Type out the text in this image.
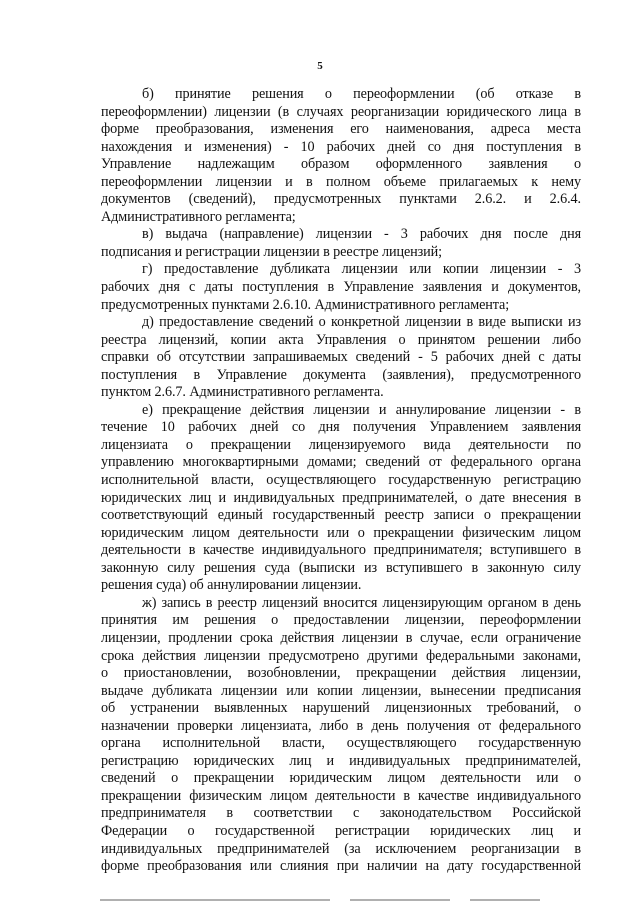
5
б) принятие решения о переоформлении (об отказе в
переоформлении) лицензии (в случаях реорганизации юридического лица в
форме преобразования, изменения его наименования, адреса места
нахождения и изменения) - 10 рабочих дней со дня поступления в
Управление надлежащим образом оформленного заявления о
переоформлении лицензии и в полном объеме прилагаемых к нему
документов (сведений), предусмотренных пунктами 2.6.2. и 2.6.4.
Административного регламента;
в) выдача (направление) лицензии - 3 рабочих дня после дня
подписания и регистрации лицензии в реестре лицензий;
г) предоставление дубликата лицензии или копии лицензии - 3
рабочих дня с даты поступления в Управление заявления и документов,
предусмотренных пунктами 2.6.10. Административного регламента;
д) предоставление сведений о конкретной лицензии в виде выписки из
реестра лицензий, копии акта Управления о принятом решении либо
справки об отсутствии запрашиваемых сведений - 5 рабочих дней с даты
поступления в Управление документа (заявления), предусмотренного
пунктом 2.6.7. Административного регламента.
е) прекращение действия лицензии и аннулирование лицензии - в
течение 10 рабочих дней со дня получения Управлением заявления
лицензиата о прекращении лицензируемого вида деятельности по
управлению многоквартирными домами; сведений от федерального органа
исполнительной власти, осуществляющего государственную регистрацию
юридических лиц и индивидуальных предпринимателей, о дате внесения в
соответствующий единый государственный реестр записи о прекращении
юридическим лицом деятельности или о прекращении физическим лицом
деятельности в качестве индивидуального предпринимателя; вступившего в
законную силу решения суда (выписки из вступившего в законную силу
решения суда) об аннулировании лицензии.
ж) запись в реестр лицензий вносится лицензирующим органом в день
принятия им решения о предоставлении лицензии, переоформлении
лицензии, продлении срока действия лицензии в случае, если ограничение
срока действия лицензии предусмотрено другими федеральными законами,
о приостановлении, возобновлении, прекращении действия лицензии,
выдаче дубликата лицензии или копии лицензии, вынесении предписания
об устранении выявленных нарушений лицензионных требований, о
назначении проверки лицензиата, либо в день получения от федерального
органа исполнительной власти, осуществляющего государственную
регистрацию юридических лиц и индивидуальных предпринимателей,
сведений о прекращении юридическим лицом деятельности или о
прекращении физическим лицом деятельности в качестве индивидуального
предпринимателя в соответствии с законодательством Российской
Федерации о государственной регистрации юридических лиц и
индивидуальных предпринимателей (за исключением реорганизации в
форме преобразования или слияния при наличии на дату государственной
